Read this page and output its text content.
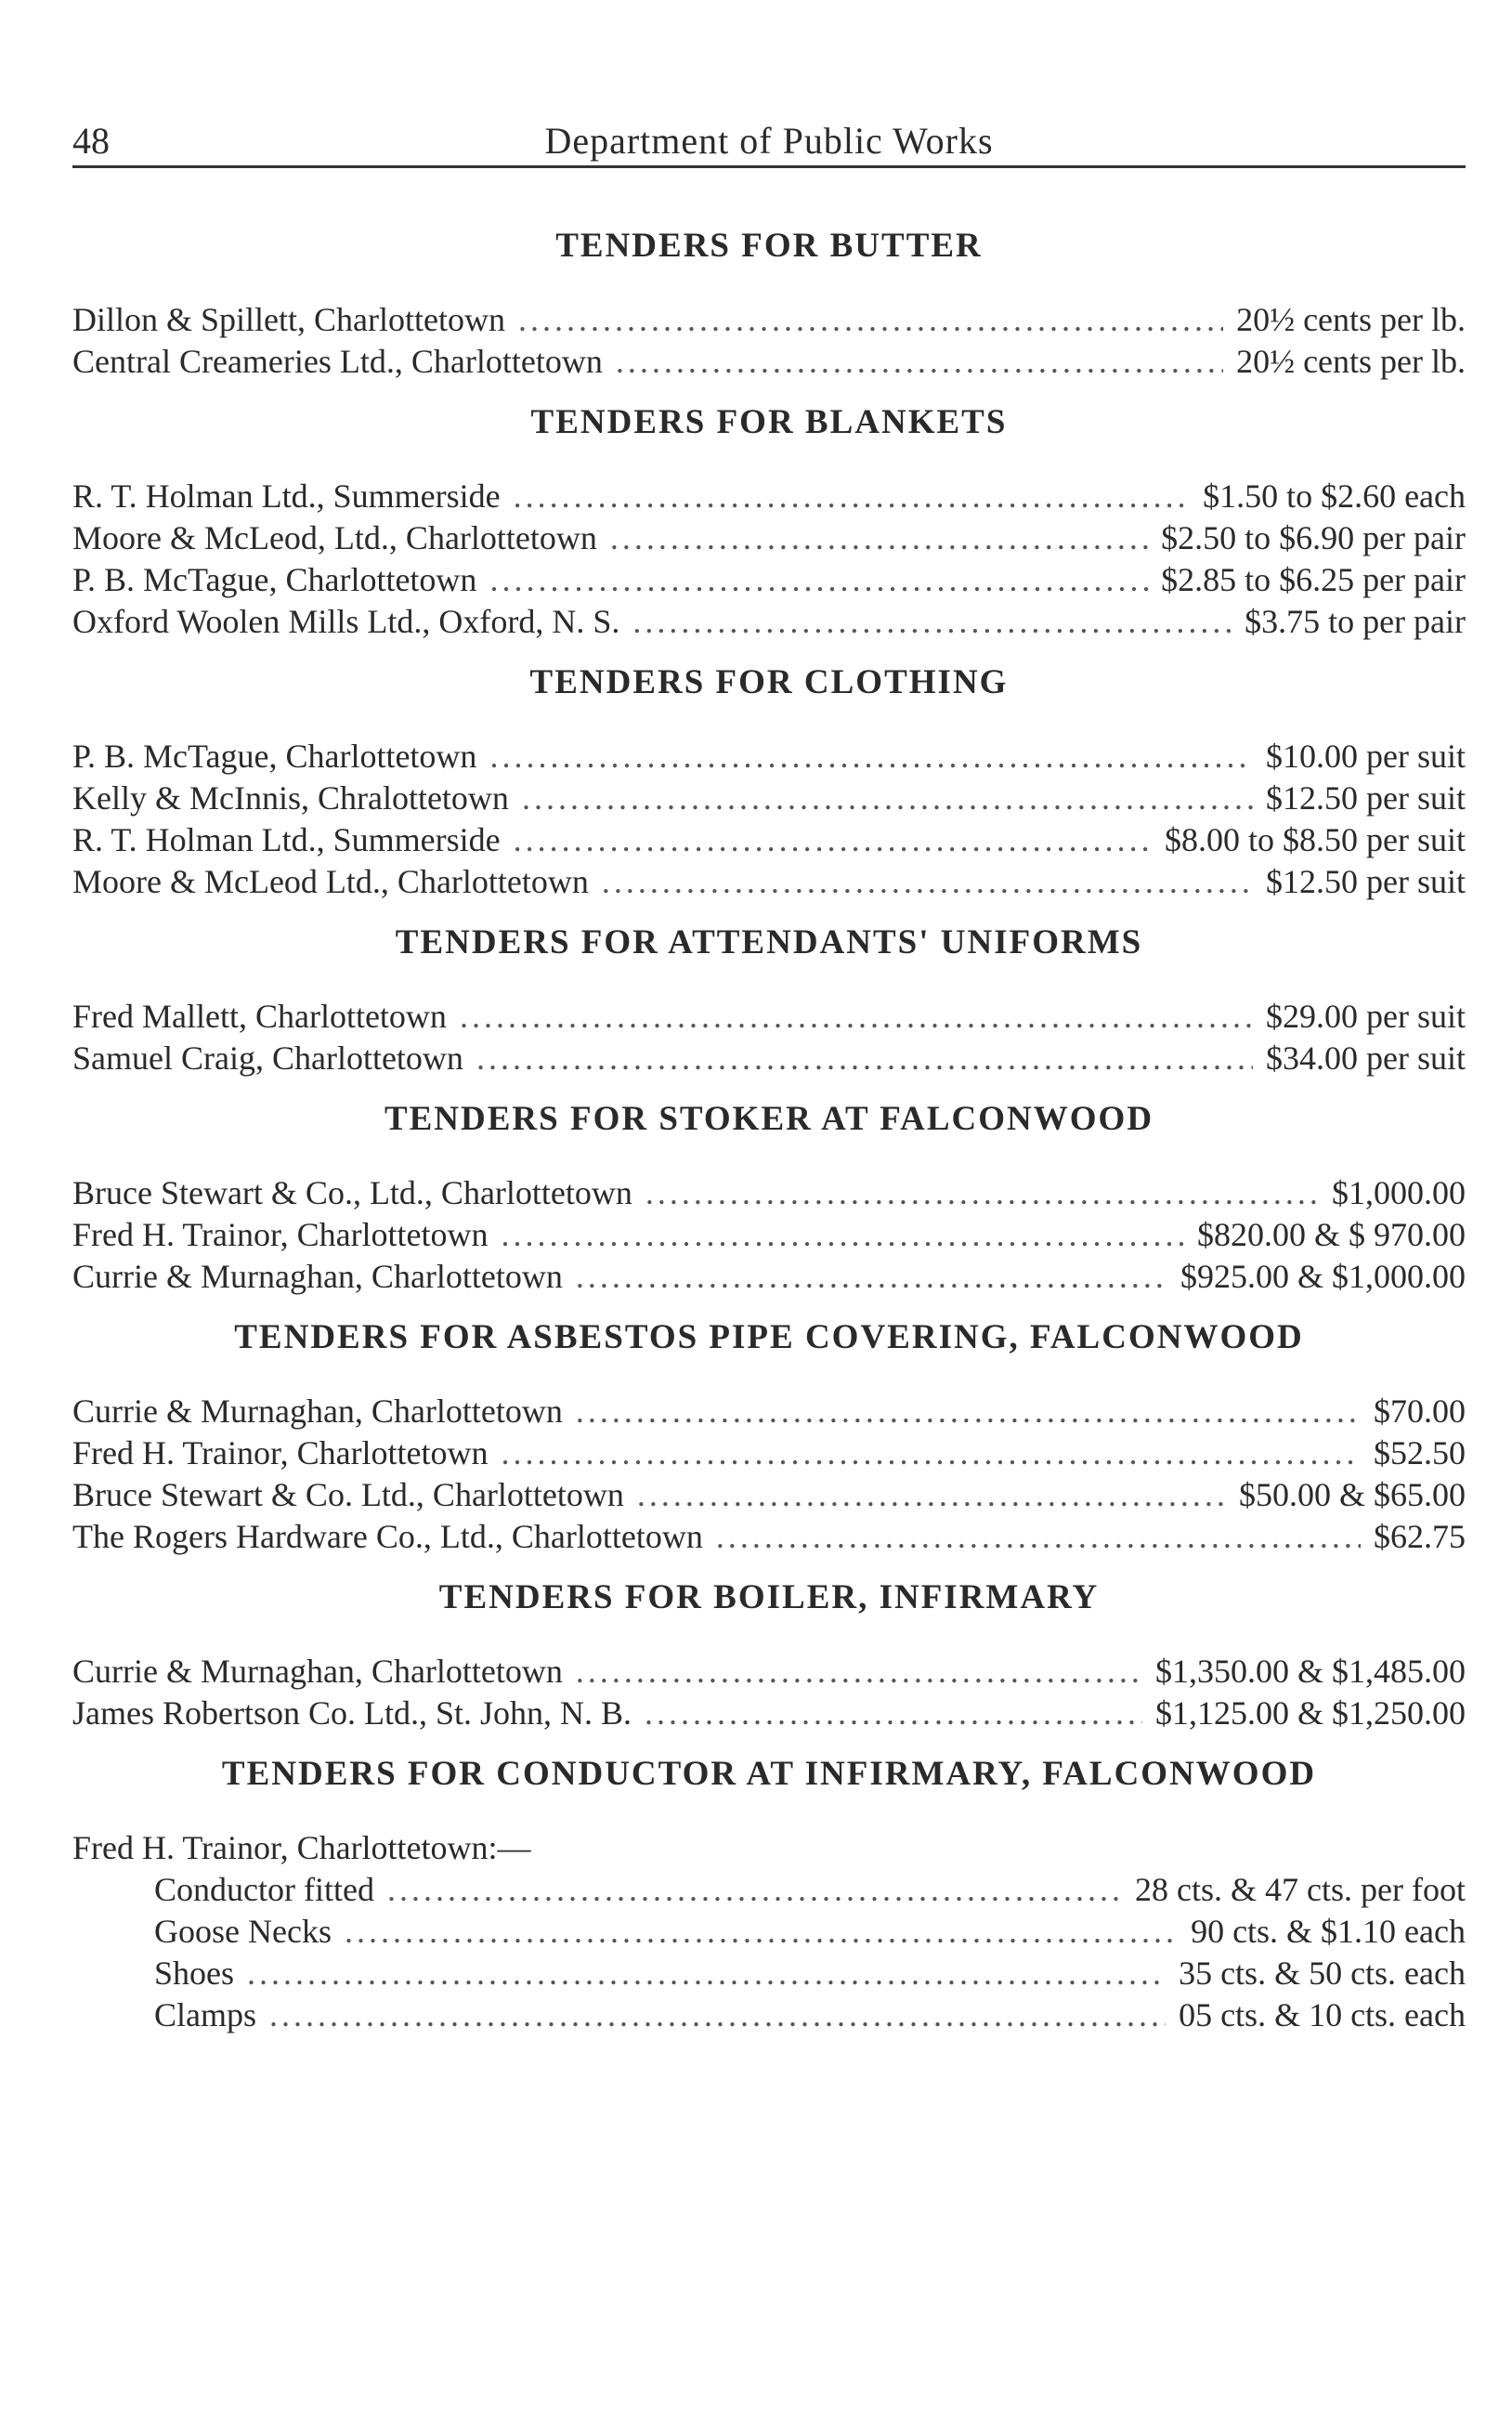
48	Department of Public Works
TENDERS FOR BUTTER
Dillon & Spillett, Charlottetown .....	20½ cents per lb.
Central Creameries Ltd., Charlottetown .....	20½ cents per lb.
TENDERS FOR BLANKETS
R. T. Holman Ltd., Summerside .....	$1.50 to $2.60 each
Moore & McLeod, Ltd., Charlottetown .....	$2.50 to $6.90 per pair
P. B. McTague, Charlottetown .....	$2.85 to $6.25 per pair
Oxford Woolen Mills Ltd., Oxford, N. S. .....	$3.75 to per pair
TENDERS FOR CLOTHING
P. B. McTague, Charlottetown .....	$10.00 per suit
Kelly & McInnis, Chralottetown .....	$12.50 per suit
R. T. Holman Ltd., Summerside .....	$8.00 to $8.50 per suit
Moore & McLeod Ltd., Charlottetown .....	$12.50 per suit
TENDERS FOR ATTENDANTS' UNIFORMS
Fred Mallett, Charlottetown .....	$29.00 per suit
Samuel Craig, Charlottetown .....	$34.00 per suit
TENDERS FOR STOKER AT FALCONWOOD
Bruce Stewart & Co., Ltd., Charlottetown .....	$1,000.00
Fred H. Trainor, Charlottetown .....	$820.00 & $ 970.00
Currie & Murnaghan, Charlottetown .....	$925.00 & $1,000.00
TENDERS FOR ASBESTOS PIPE COVERING, FALCONWOOD
Currie & Murnaghan, Charlottetown .....	$70.00
Fred H. Trainor, Charlottetown .....	$52.50
Bruce Stewart & Co. Ltd., Charlottetown .....	$50.00 & $65.00
The Rogers Hardware Co., Ltd., Charlottetown .....	$62.75
TENDERS FOR BOILER, INFIRMARY
Currie & Murnaghan, Charlottetown .....	$1,350.00 & $1,485.00
James Robertson Co. Ltd., St. John, N. B. .....	$1,125.00 & $1,250.00
TENDERS FOR CONDUCTOR AT INFIRMARY, FALCONWOOD
Fred H. Trainor, Charlottetown:—
Conductor fitted .....	28 cts. & 47 cts. per foot
Goose Necks .....	90 cts. & $1.10 each
Shoes .....	35 cts. & 50 cts. each
Clamps .....	05 cts. & 10 cts. each
